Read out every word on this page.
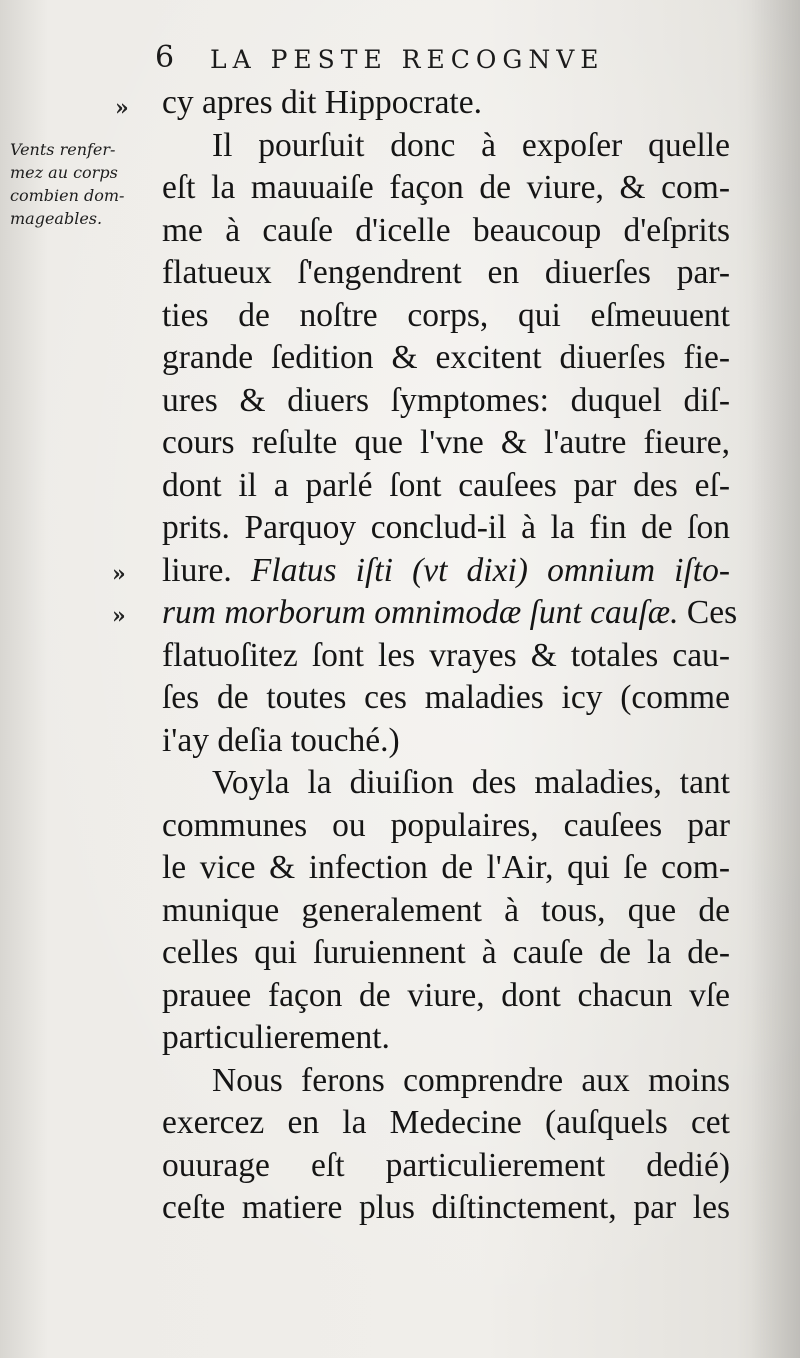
6 LA PESTE RECOGNVE
Vents renfer-
mez au corps
combien dom-
mageables.
»
»
»
cy apres dit Hippocrate.
Il pourſuit donc à expoſer quelle
eſt la mauuaiſe façon de viure, & com-
me à cauſe d'icelle beaucoup d'eſprits
flatueux ſ'engendrent en diuerſes par-
ties de noſtre corps, qui eſmeuuent
grande ſedition & excitent diuerſes fie-
ures & diuers ſymptomes: duquel diſ-
cours reſulte que l'vne & l'autre fieure,
dont il a parlé ſont cauſees par des eſ-
prits. Parquoy conclud-il à la fin de ſon
liure. Flatus iſti (vt dixi) omnium iſto-
rum morborum omnimodæ ſunt cauſæ. Ces
flatuoſitez ſont les vrayes & totales cau-
ſes de toutes ces maladies icy (comme
i'ay deſia touché.)
Voyla la diuiſion des maladies, tant
communes ou populaires, cauſees par
le vice & infection de l'Air, qui ſe com-
munique generalement à tous, que de
celles qui ſuruiennent à cauſe de la de-
prauee façon de viure, dont chacun vſe
particulierement.
Nous ferons comprendre aux moins
exercez en la Medecine (auſquels cet
ouurage eſt particulierement dedié)
ceſte matiere plus diſtinctement, par les
